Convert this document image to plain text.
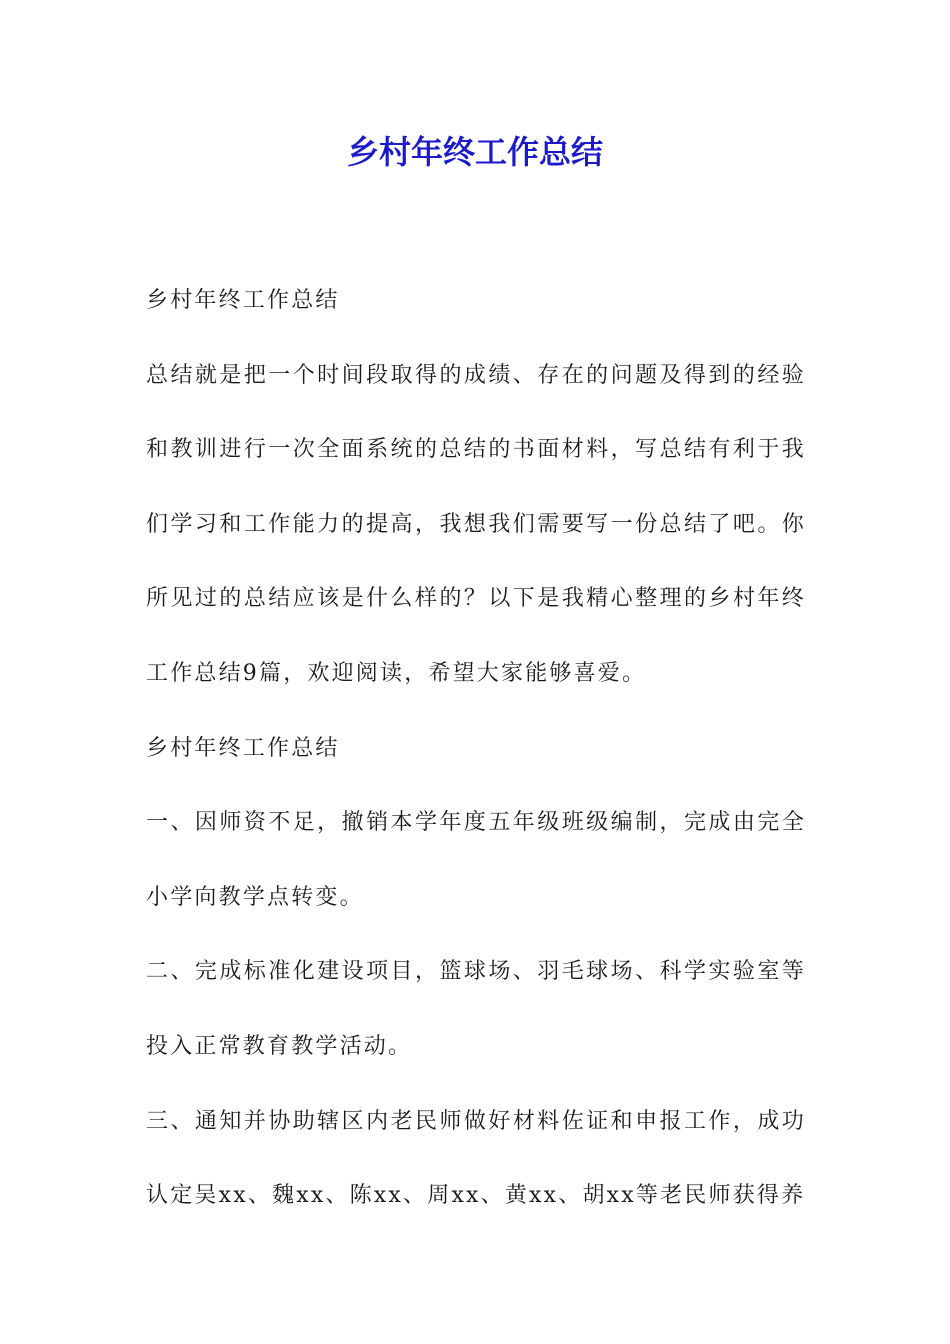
乡村年终工作总结

乡村年终工作总结

总结就是把一个时间段取得的成绩、存在的问题及得到的经验和教训进行一次全面系统的总结的书面材料，写总结有利于我们学习和工作能力的提高，我想我们需要写一份总结了吧。你所见过的总结应该是什么样的？以下是我精心整理的乡村年终工作总结9篇，欢迎阅读，希望大家能够喜爱。

乡村年终工作总结

一、因师资不足，撤销本学年度五年级班级编制，完成由完全小学向教学点转变。

二、完成标准化建设项目，篮球场、羽毛球场、科学实验室等投入正常教育教学活动。

三、通知并协助辖区内老民师做好材料佐证和申报工作，成功认定吴xx、魏xx、陈xx、周xx、黄xx、胡xx等老民师获得养
